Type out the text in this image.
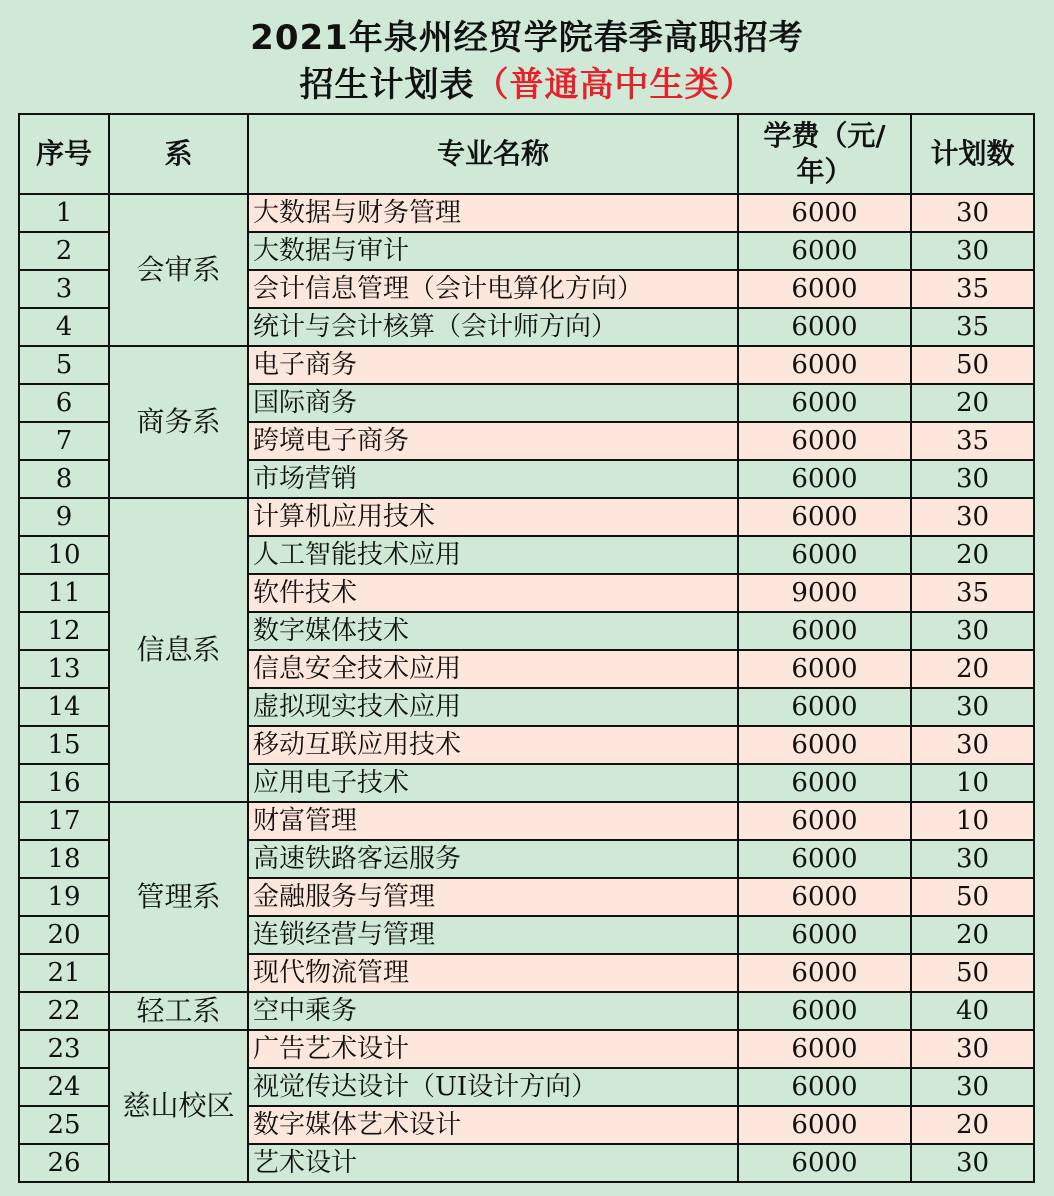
2021年泉州经贸学院春季高职招考
招生计划表（普通高中生类）
序号	系	专业名称	学费（元/年）	计划数
1	会审系	大数据与财务管理	6000	30
2		大数据与审计	6000	30
3		会计信息管理（会计电算化方向）	6000	35
4		统计与会计核算（会计师方向）	6000	35
5	商务系	电子商务	6000	50
6		国际商务	6000	20
7		跨境电子商务	6000	35
8		市场营销	6000	30
9	信息系	计算机应用技术	6000	30
10		人工智能技术应用	6000	20
11		软件技术	9000	35
12		数字媒体技术	6000	30
13		信息安全技术应用	6000	20
14		虚拟现实技术应用	6000	30
15		移动互联应用技术	6000	30
16		应用电子技术	6000	10
17	管理系	财富管理	6000	10
18		高速铁路客运服务	6000	30
19		金融服务与管理	6000	50
20		连锁经营与管理	6000	20
21		现代物流管理	6000	50
22	轻工系	空中乘务	6000	40
23	慈山校区	广告艺术设计	6000	30
24		视觉传达设计（UI设计方向）	6000	30
25		数字媒体艺术设计	6000	20
26		艺术设计	6000	30
